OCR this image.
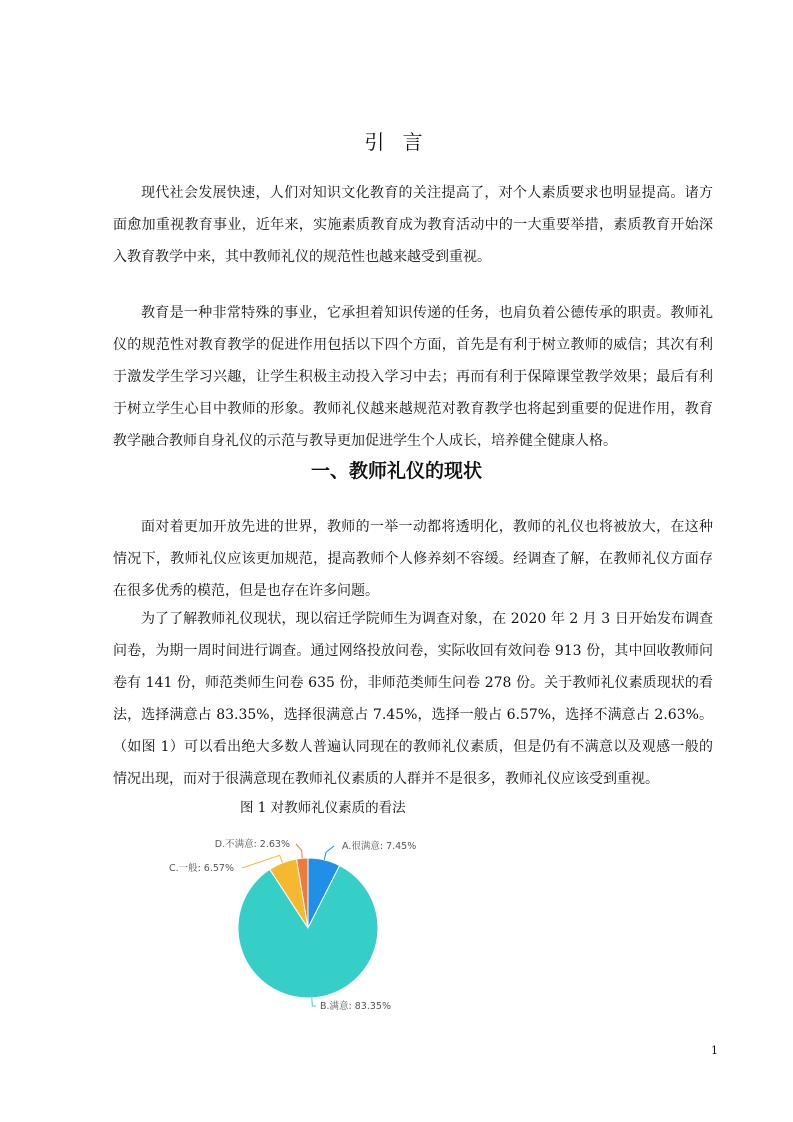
引 言

现代社会发展快速，人们对知识文化教育的关注提高了，对个人素质要求也明显提高。诸方面愈加重视教育事业，近年来，实施素质教育成为教育活动中的一大重要举措，素质教育开始深入教育教学中来，其中教师礼仪的规范性也越来越受到重视。

教育是一种非常特殊的事业，它承担着知识传递的任务，也肩负着公德传承的职责。教师礼仪的规范性对教育教学的促进作用包括以下四个方面，首先是有利于树立教师的威信；其次有利于激发学生学习兴趣，让学生积极主动投入学习中去；再而有利于保障课堂教学效果；最后有利于树立学生心目中教师的形象。教师礼仪越来越规范对教育教学也将起到重要的促进作用，教育教学融合教师自身礼仪的示范与教导更加促进学生个人成长，培养健全健康人格。

一、教师礼仪的现状

面对着更加开放先进的世界，教师的一举一动都将透明化，教师的礼仪也将被放大，在这种情况下，教师礼仪应该更加规范，提高教师个人修养刻不容缓。经调查了解，在教师礼仪方面存在很多优秀的模范，但是也存在许多问题。

为了了解教师礼仪现状，现以宿迁学院师生为调查对象，在 2020 年 2 月 3 日开始发布调查问卷，为期一周时间进行调查。通过网络投放问卷，实际收回有效问卷 913 份，其中回收教师问卷有 141 份，师范类师生问卷 635 份，非师范类师生问卷 278 份。关于教师礼仪素质现状的看法，选择满意占 83.35%，选择很满意占 7.45%，选择一般占 6.57%，选择不满意占 2.63%。（如图 1）可以看出绝大多数人普遍认同现在的教师礼仪素质，但是仍有不满意以及观感一般的情况出现，而对于很满意现在教师礼仪素质的人群并不是很多，教师礼仪应该受到重视。

图 1 对教师礼仪素质的看法
A.很满意: 7.45%
B.满意: 83.35%
C.一般: 6.57%
D.不满意: 2.63%
1
